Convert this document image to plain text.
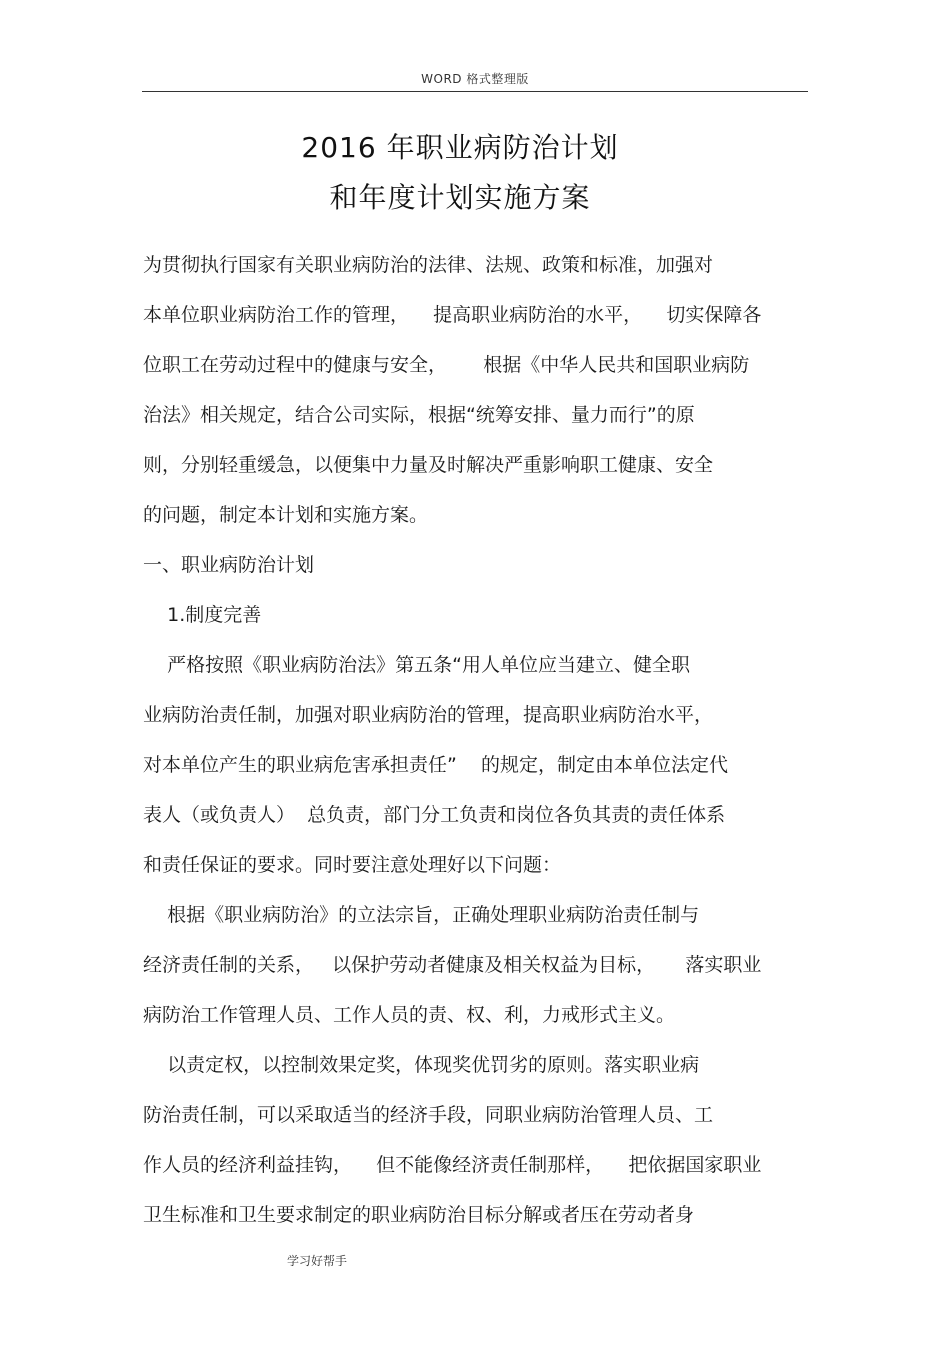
WORD 格式整理版
2016 年职业病防治计划
和年度计划实施方案
为贯彻执行国家有关职业病防治的法律、法规、政策和标准，加强对
本单位职业病防治工作的管理，    提高职业病防治的水平，    切实保障各
位职工在劳动过程中的健康与安全，      根据《中华人民共和国职业病防
治法》相关规定，结合公司实际，根据“统筹安排、量力而行”的原
则，分别轻重缓急，以便集中力量及时解决严重影响职工健康、安全
的问题，制定本计划和实施方案。
一、职业病防治计划
1.制度完善
严格按照《职业病防治法》第五条“用人单位应当建立、健全职
业病防治责任制，加强对职业病防治的管理，提高职业病防治水平，
对本单位产生的职业病危害承担责任”    的规定，制定由本单位法定代
表人（或负责人）  总负责，部门分工负责和岗位各负其责的责任体系
和责任保证的要求。同时要注意处理好以下问题：
根据《职业病防治》的立法宗旨，正确处理职业病防治责任制与
经济责任制的关系，   以保护劳动者健康及相关权益为目标，     落实职业
病防治工作管理人员、工作人员的责、权、利，力戒形式主义。
以责定权，以控制效果定奖，体现奖优罚劣的原则。落实职业病
防治责任制，可以采取适当的经济手段，同职业病防治管理人员、工
作人员的经济利益挂钩，    但不能像经济责任制那样，    把依据国家职业
卫生标准和卫生要求制定的职业病防治目标分解或者压在劳动者身
学习好帮手
